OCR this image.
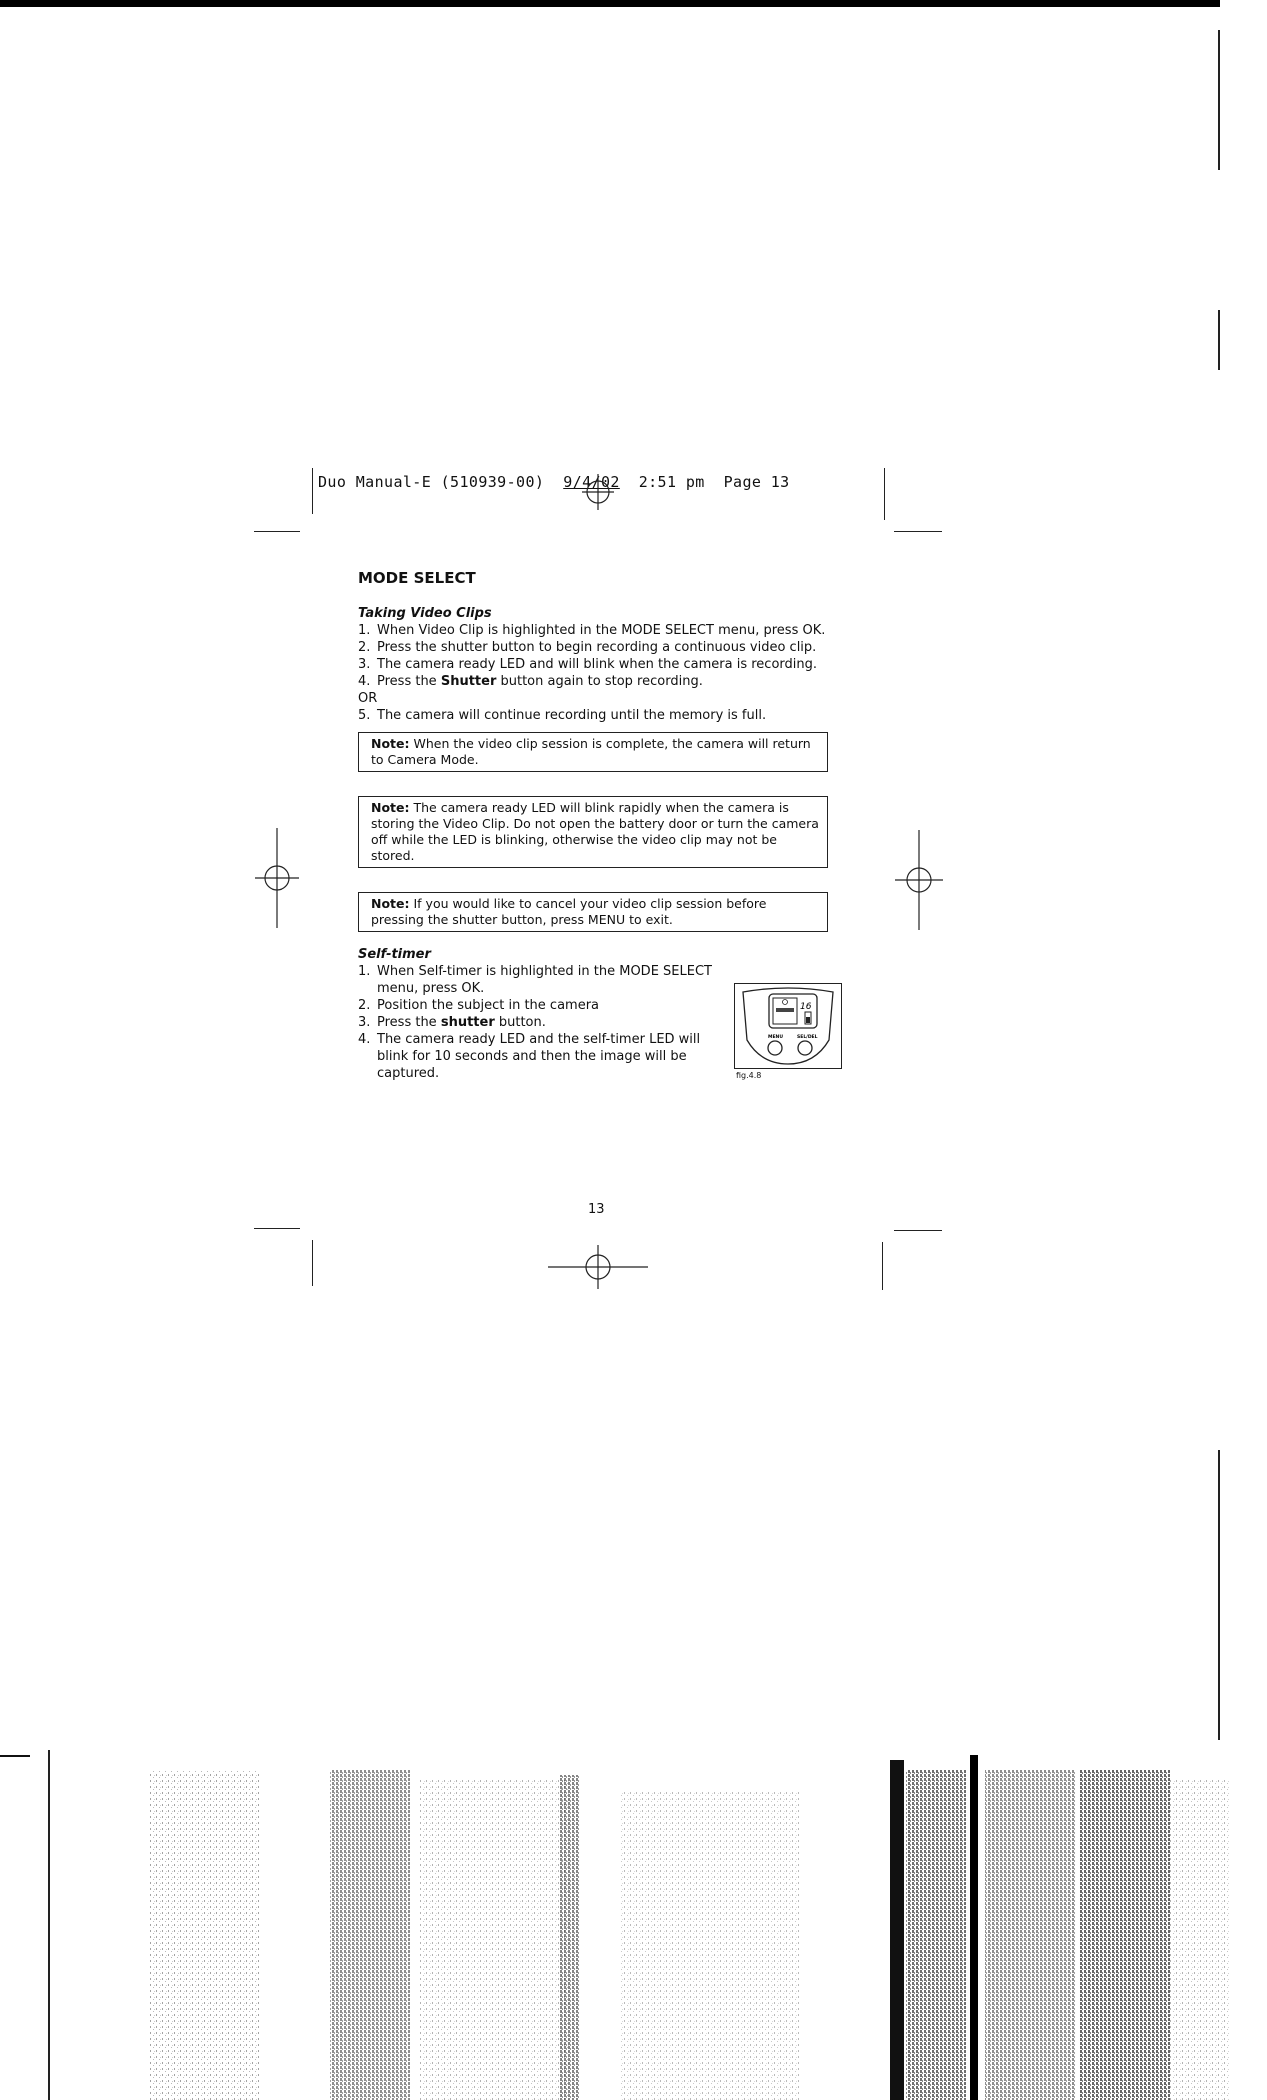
Duo Manual-E (510939-00) 9/4/02 2:51 pm Page 13
MODE SELECT
Taking Video Clips
1. When Video Clip is highlighted in the MODE SELECT menu, press OK.
2. Press the shutter button to begin recording a continuous video clip.
3. The camera ready LED and will blink when the camera is recording.
4. Press the Shutter button again to stop recording.

OR

5. The camera will continue recording until the memory is full.
Note: When the video clip session is complete, the camera will return to Camera Mode.
Note: The camera ready LED will blink rapidly when the camera is storing the Video Clip. Do not open the battery door or turn the camera off while the LED is blinking, otherwise the video clip may not be stored.
Note: If you would like to cancel your video clip session before pressing the shutter button, press MENU to exit.
Self-timer
1. When Self-timer is highlighted in the MODE SELECT menu, press OK.
2. Position the subject in the camera
3. Press the shutter button.
4. The camera ready LED and the self-timer LED will blink for 10 seconds and then the image will be captured.
16
MENU	SEL/DEL
fig.4.8
13
